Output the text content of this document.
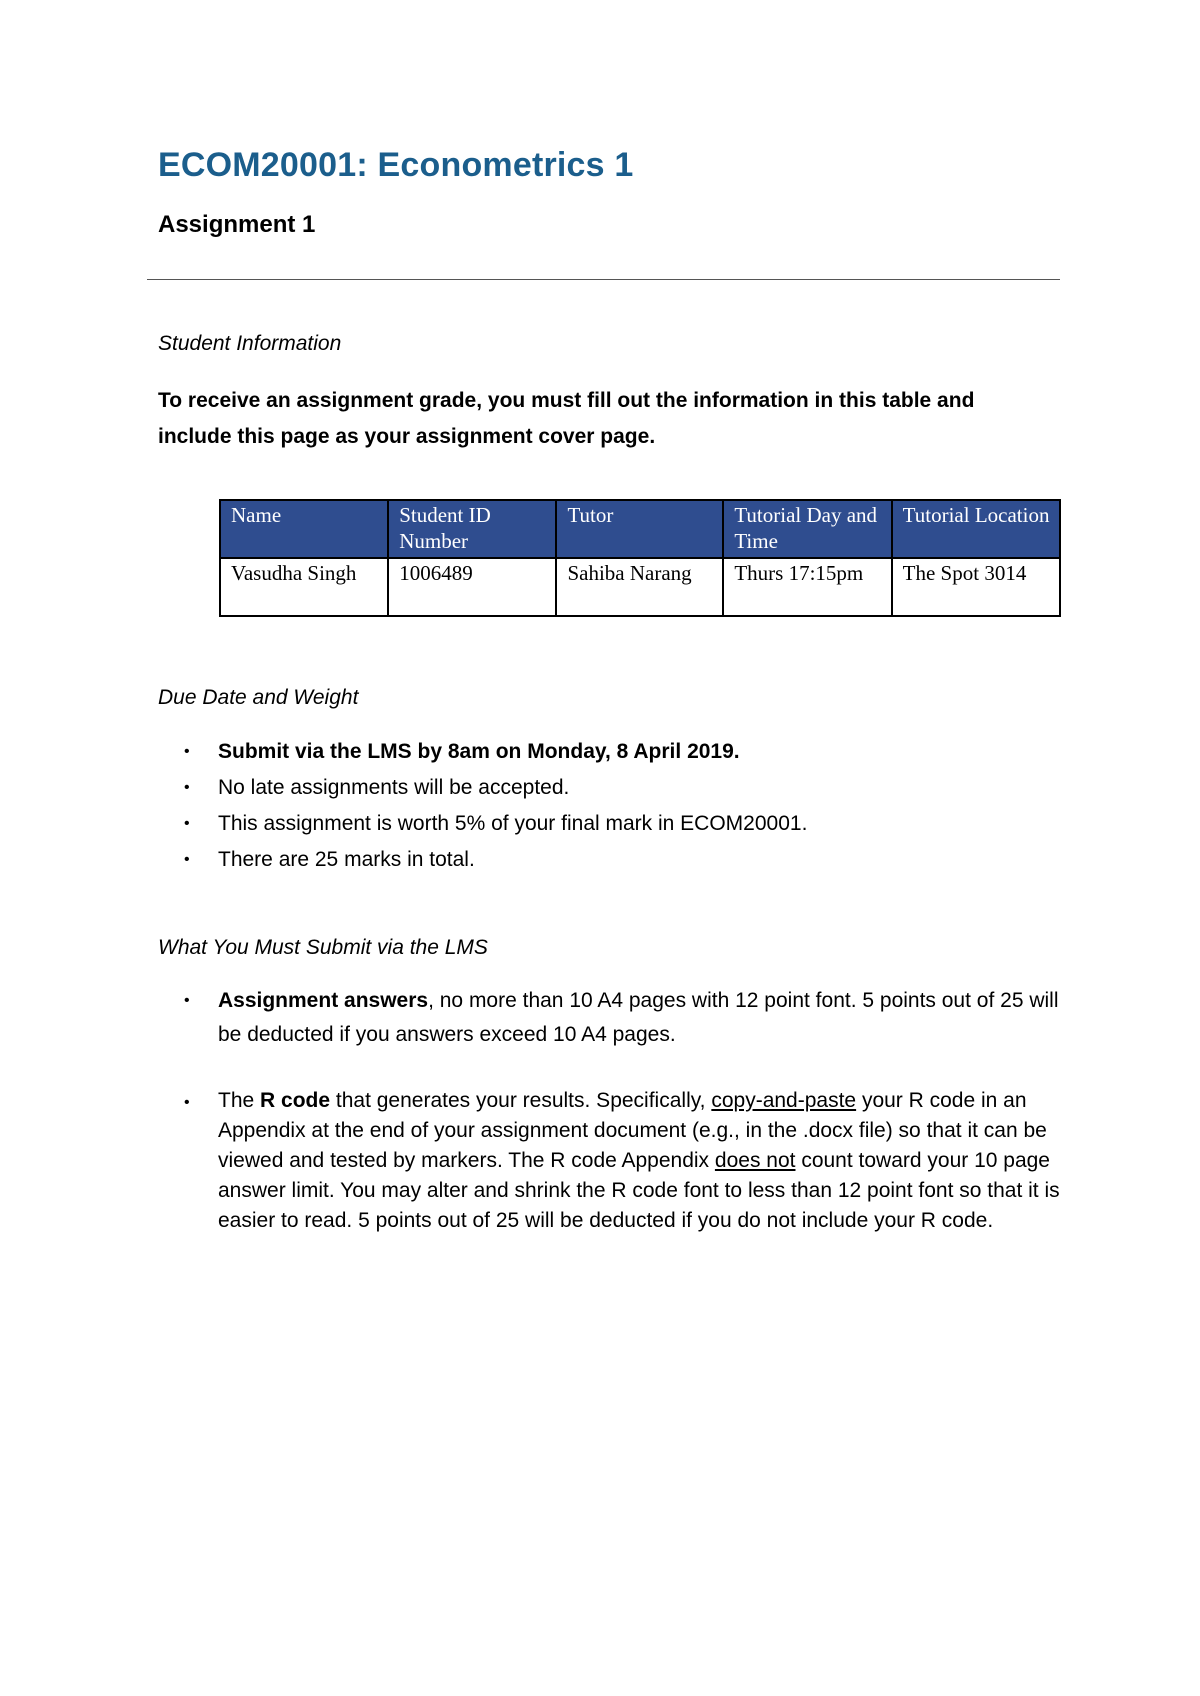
ECOM20001: Econometrics 1
Assignment 1

Student Information

To receive an assignment grade, you must fill out the information in this table and include this page as your assignment cover page.

Name	Student ID Number	Tutor	Tutorial Day and Time	Tutorial Location
Vasudha Singh	1006489	Sahiba Narang	Thurs 17:15pm	The Spot 3014

Due Date and Weight

• Submit via the LMS by 8am on Monday, 8 April 2019.
• No late assignments will be accepted.
• This assignment is worth 5% of your final mark in ECOM20001.
• There are 25 marks in total.

What You Must Submit via the LMS

• Assignment answers, no more than 10 A4 pages with 12 point font. 5 points out of 25 will be deducted if you answers exceed 10 A4 pages.
• The R code that generates your results. Specifically, copy-and-paste your R code in an Appendix at the end of your assignment document (e.g., in the .docx file) so that it can be viewed and tested by markers. The R code Appendix does not count toward your 10 page answer limit. You may alter and shrink the R code font to less than 12 point font so that it is easier to read. 5 points out of 25 will be deducted if you do not include your R code.
